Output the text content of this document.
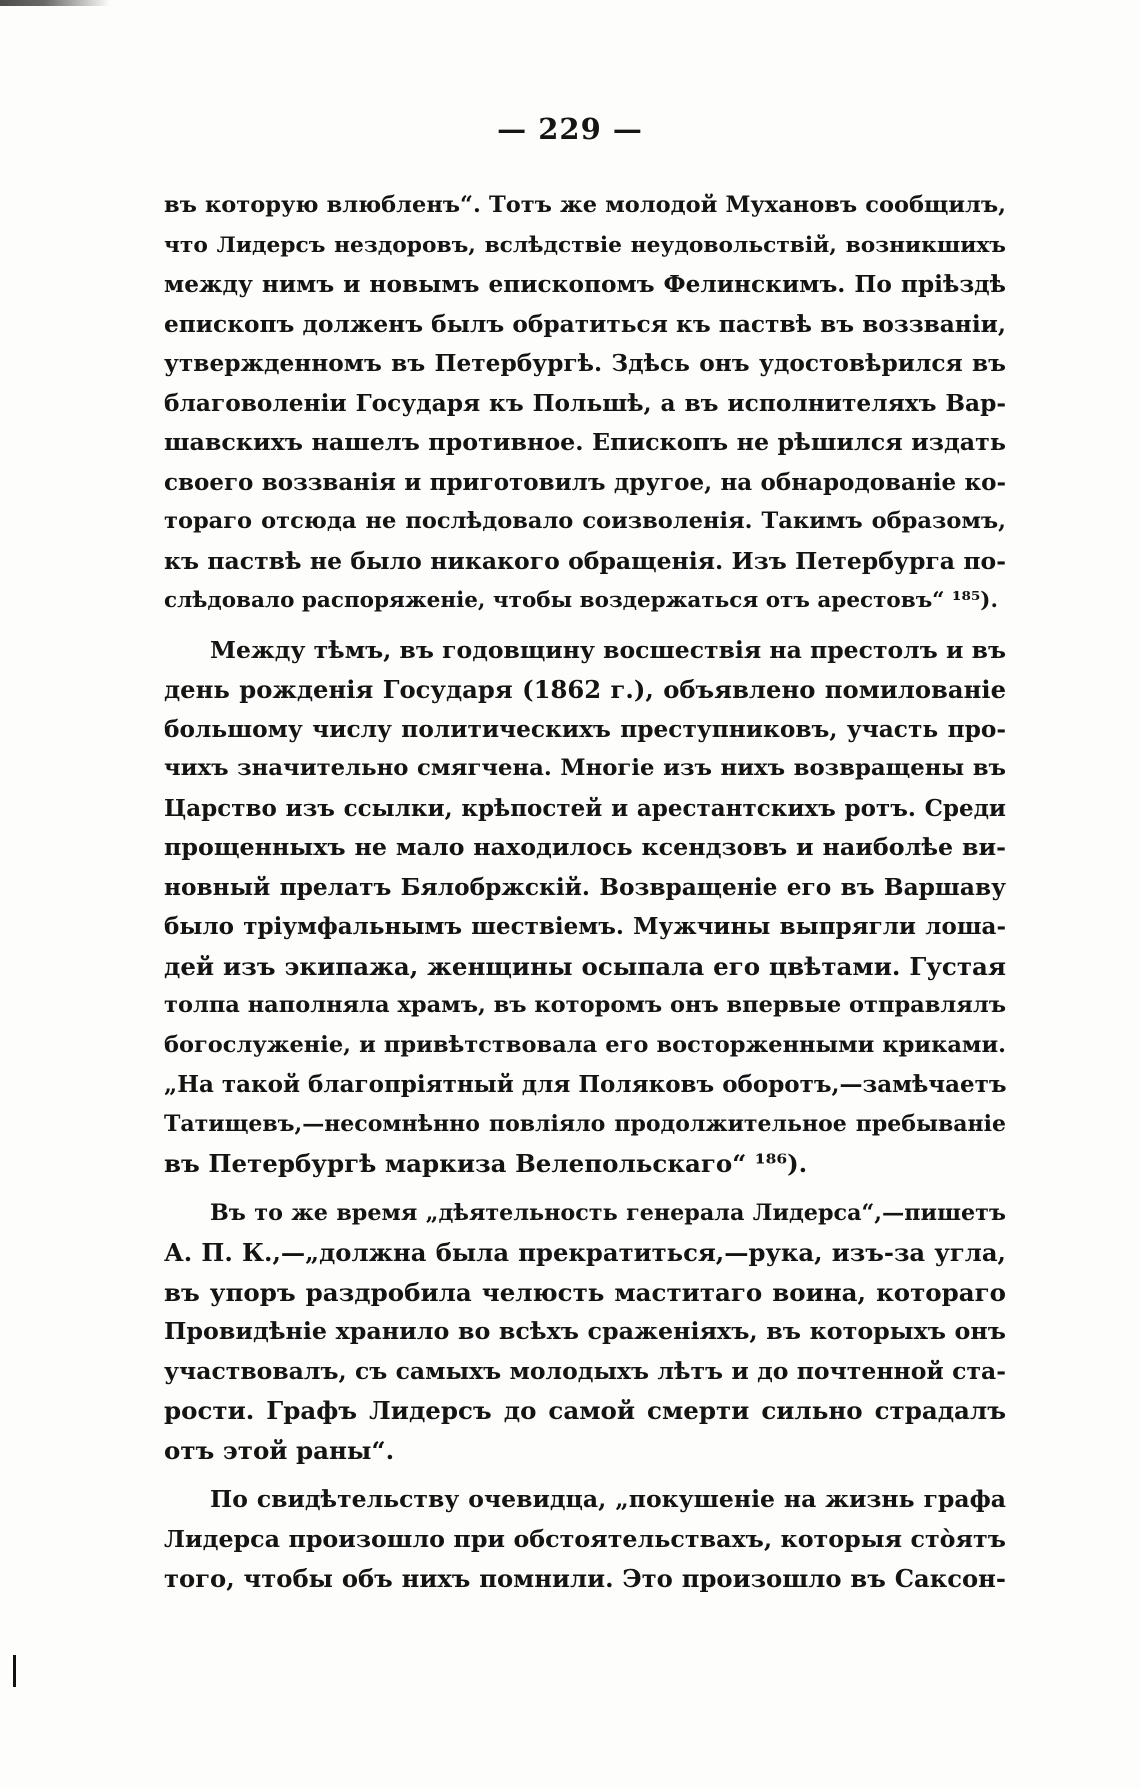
— 229 —
въ которую влюбленъ“. Тотъ же молодой Мухановъ сообщилъ,
что Лидерсъ нездоровъ, вслѣдствіе неудовольствій, возникшихъ
между нимъ и новымъ епископомъ Фелинскимъ. По пріѣздѣ
епископъ долженъ былъ обратиться къ паствѣ въ воззваніи,
утвержденномъ въ Петербургѣ. Здѣсь онъ удостовѣрился въ
благоволеніи Государя къ Польшѣ, а въ исполнителяхъ Вар-
шавскихъ нашелъ противное. Епископъ не рѣшился издать
своего воззванія и приготовилъ другое, на обнародованіе ко-
тораго отсюда не послѣдовало соизволенія. Такимъ образомъ,
къ паствѣ не было никакого обращенія. Изъ Петербурга по-
слѣдовало распоряженіе, чтобы воздержаться отъ арестовъ“ ¹⁸⁵).
Между тѣмъ, въ годовщину восшествія на престолъ и въ
день рожденія Государя (1862 г.), объявлено помилованіе
большому числу политическихъ преступниковъ, участь про-
чихъ значительно смягчена. Многіе изъ нихъ возвращены въ
Царство изъ ссылки, крѣпостей и арестантскихъ ротъ. Среди
прощенныхъ не мало находилось ксендзовъ и наиболѣе ви-
новный прелатъ Бялобржскій. Возвращеніе его въ Варшаву
было тріумфальнымъ шествіемъ. Мужчины выпрягли лоша-
дей изъ экипажа, женщины осыпала его цвѣтами. Густая
толпа наполняла храмъ, въ которомъ онъ впервые отправлялъ
богослуженіе, и привѣтствовала его восторженными криками.
„На такой благопріятный для Поляковъ оборотъ,—замѣчаетъ
Татищевъ,—несомнѣнно повліяло продолжительное пребываніе
въ Петербургѣ маркиза Велепольскаго“ ¹⁸⁶).
Въ то же время „дѣятельность генерала Лидерса“,—пишетъ
А. П. К.,—„должна была прекратиться,—рука, изъ-за угла,
въ упоръ раздробила челюсть маститаго воина, котораго
Провидѣніе хранило во всѣхъ сраженіяхъ, въ которыхъ онъ
участвовалъ, съ самыхъ молодыхъ лѣтъ и до почтенной ста-
рости. Графъ Лидерсъ до самой смерти сильно страдалъ
отъ этой раны“.
По свидѣтельству очевидца, „покушеніе на жизнь графа
Лидерса произошло при обстоятельствахъ, которыя стòятъ
того, чтобы объ нихъ помнили. Это произошло въ Саксон-
